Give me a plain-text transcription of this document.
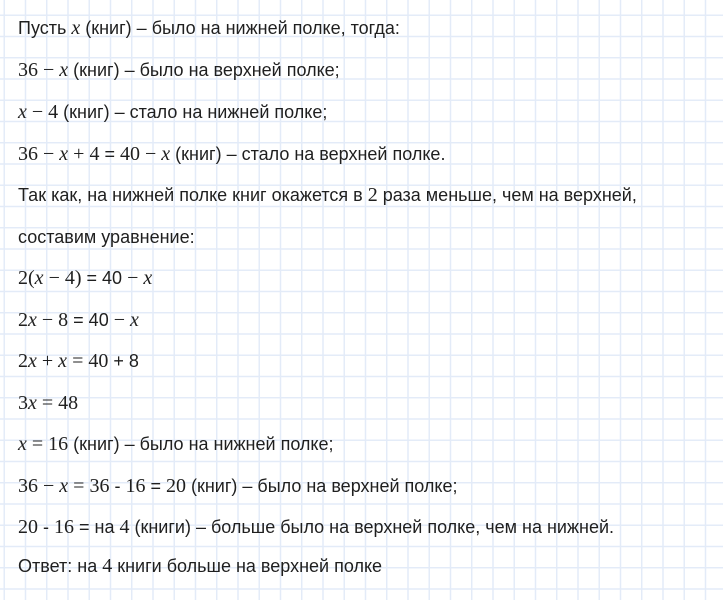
Пусть x (книг) – было на нижней полке, тогда:
36 − x (книг) – было на верхней полке;
x − 4 (книг) – стало на нижней полке;
36 − x + 4 = 40 − x (книг) – стало на верхней полке.
Так как, на нижней полке книг окажется в 2 раза меньше, чем на верхней,
составим уравнение:
2(x − 4) = 40 − x
2x − 8 = 40 − x
2x + x = 40 + 8
3x = 48
x = 16 (книг) – было на нижней полке;
36 − x = 36 - 16 = 20 (книг) – было на верхней полке;
20 - 16 = на 4 (книги) – больше было на верхней полке, чем на нижней.
Ответ: на 4 книги больше на верхней полке
